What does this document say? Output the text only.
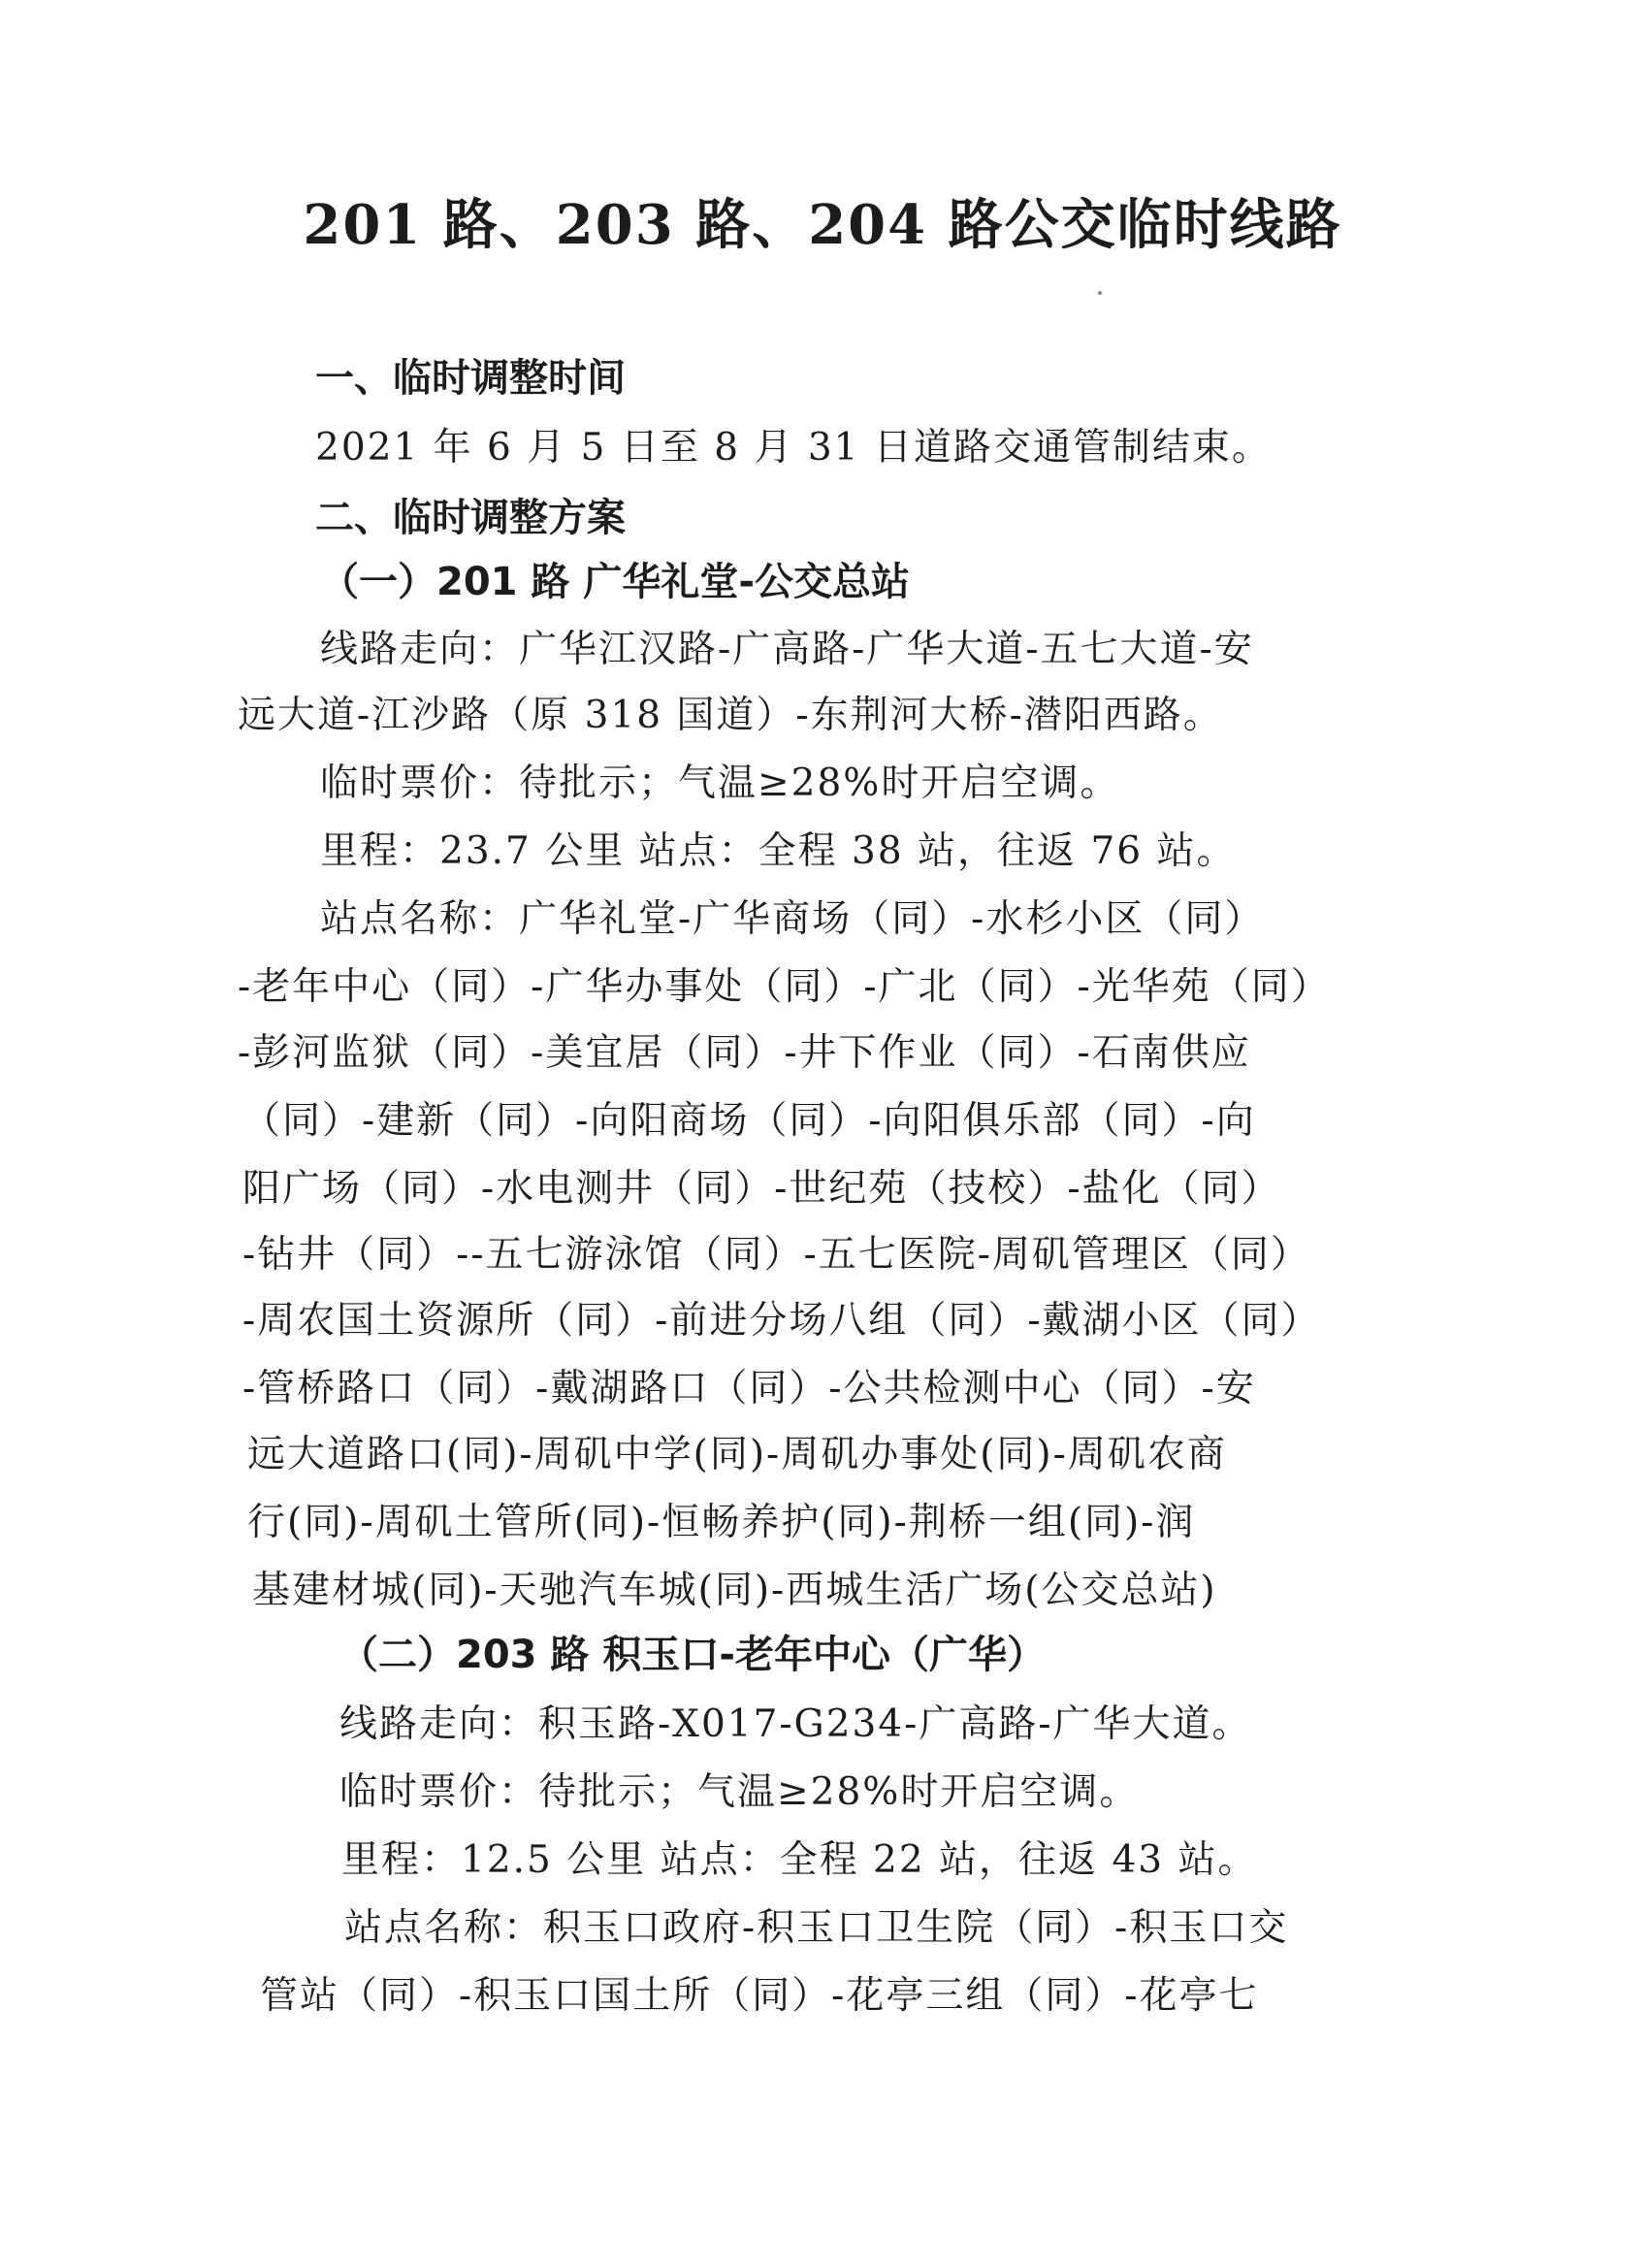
201 路、203 路、204 路公交临时线路
一、临时调整时间
2021 年 6 月 5 日至 8 月 31 日道路交通管制结束。
二、临时调整方案
（一）201 路 广华礼堂-公交总站
线路走向：广华江汉路-广高路-广华大道-五七大道-安
远大道-江沙路（原 318 国道）-东荆河大桥-潜阳西路。
临时票价：待批示；气温≥28%时开启空调。
里程：23.7 公里 站点：全程 38 站，往返 76 站。
站点名称：广华礼堂-广华商场（同）-水杉小区（同）
-老年中心（同）-广华办事处（同）-广北（同）-光华苑（同）
-彭河监狱（同）-美宜居（同）-井下作业（同）-石南供应
（同）-建新（同）-向阳商场（同）-向阳俱乐部（同）-向
阳广场（同）-水电测井（同）-世纪苑（技校）-盐化（同）
-钻井（同）--五七游泳馆（同）-五七医院-周矶管理区（同）
-周农国土资源所（同）-前进分场八组（同）-戴湖小区（同）
-管桥路口（同）-戴湖路口（同）-公共检测中心（同）-安
远大道路口(同)-周矶中学(同)-周矶办事处(同)-周矶农商
行(同)-周矶土管所(同)-恒畅养护(同)-荆桥一组(同)-润
基建材城(同)-天驰汽车城(同)-西城生活广场(公交总站)
（二）203 路 积玉口-老年中心（广华）
线路走向：积玉路-X017-G234-广高路-广华大道。
临时票价：待批示；气温≥28%时开启空调。
里程：12.5 公里 站点：全程 22 站，往返 43 站。
站点名称：积玉口政府-积玉口卫生院（同）-积玉口交
管站（同）-积玉口国土所（同）-花亭三组（同）-花亭七
